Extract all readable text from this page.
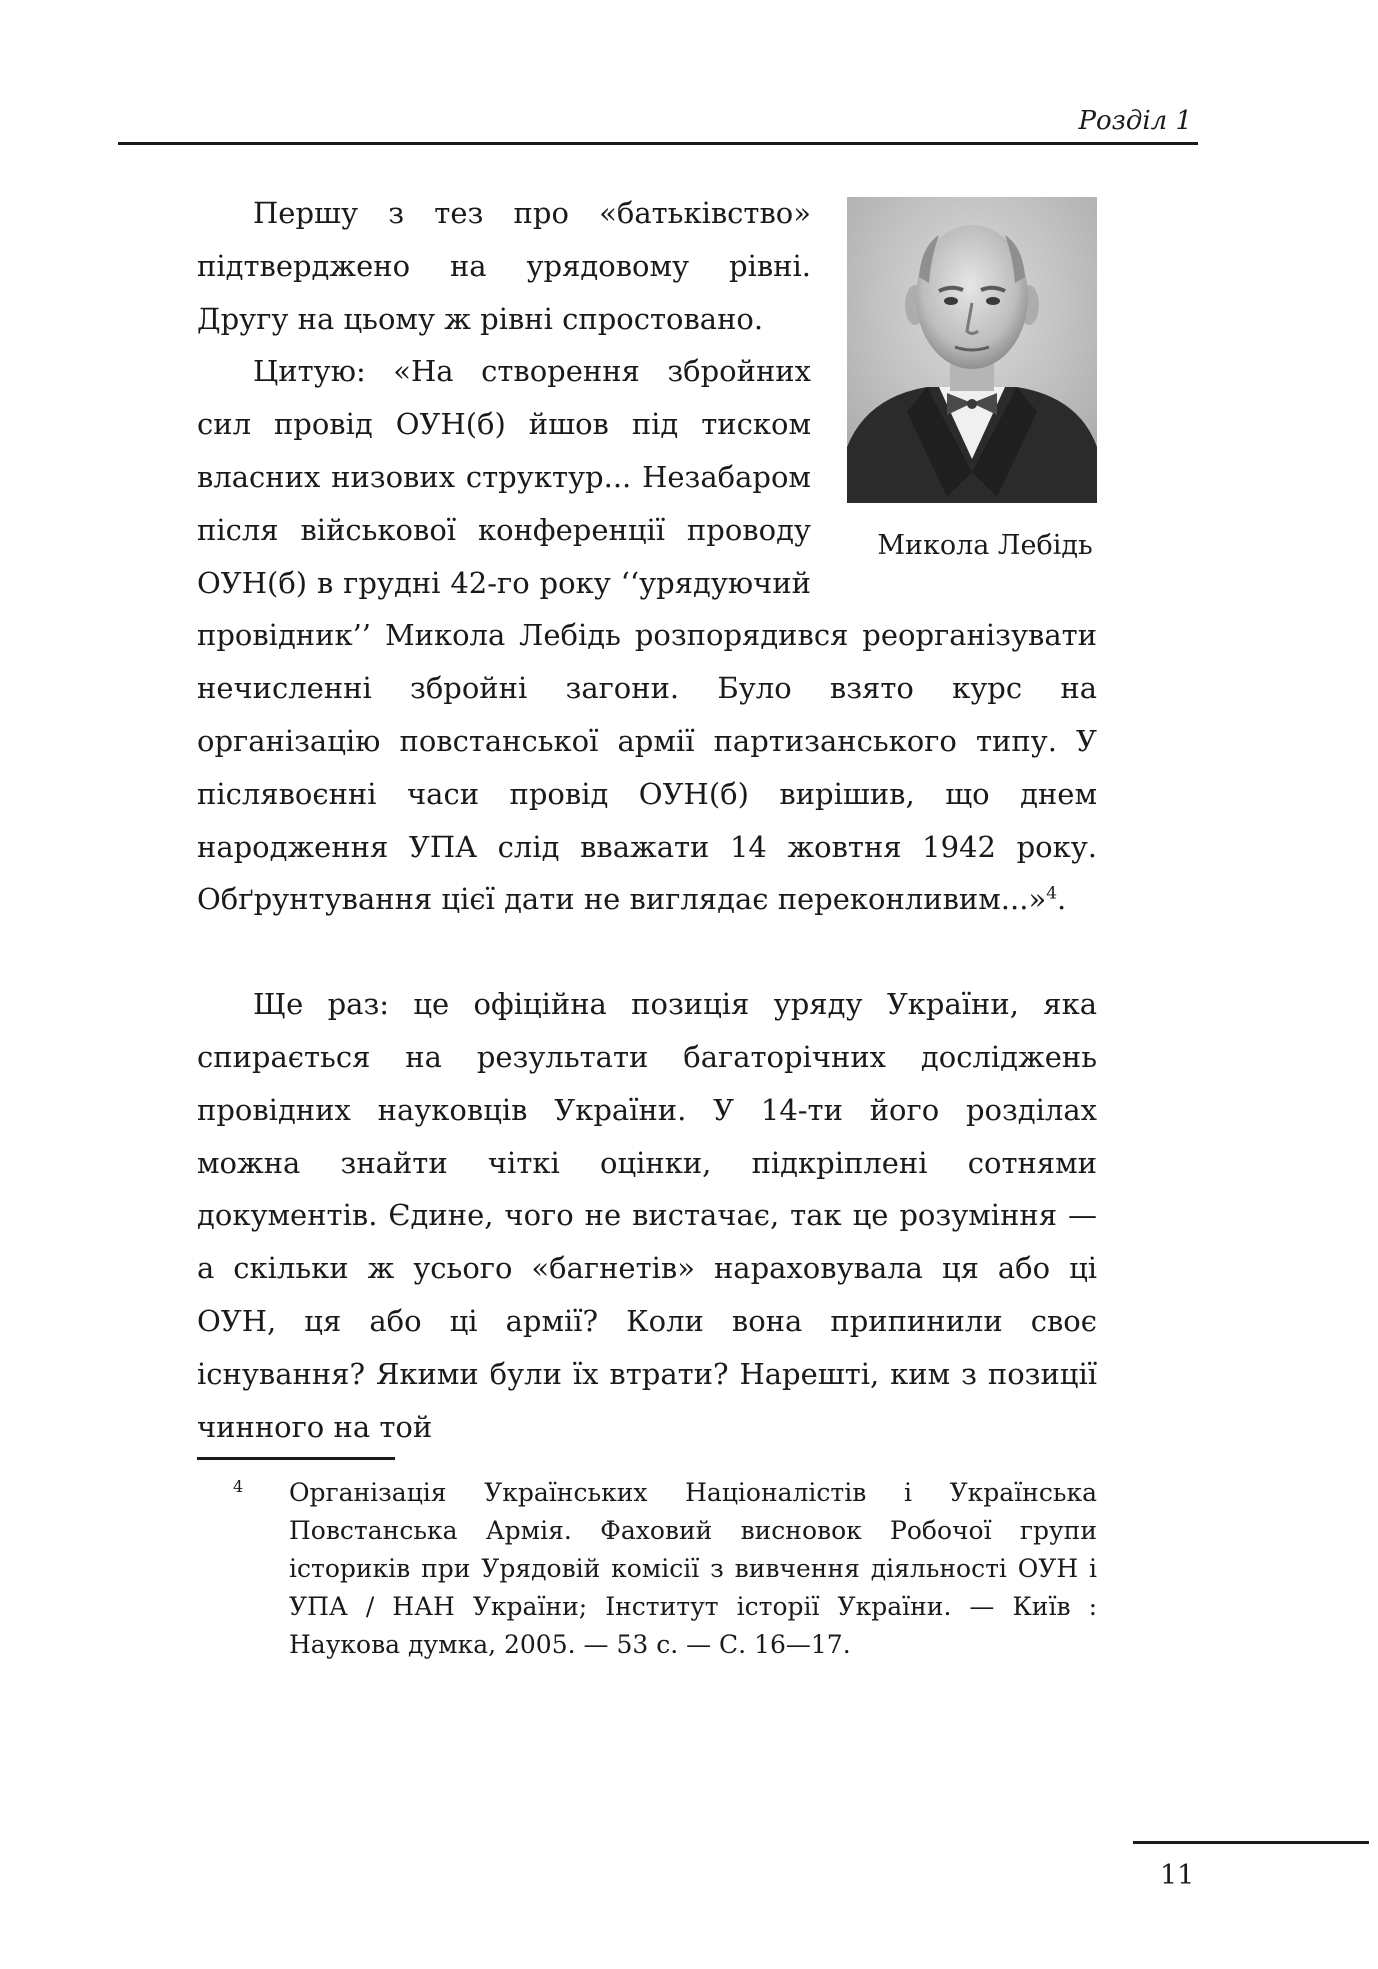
Розділ 1
Микола Лебідь

Першу з тез про «батьківство» підтверджено на урядовому рівні. Другу на цьому ж рівні спростовано.

Цитую: «На створення збройних сил провід ОУН(б) йшов під тиском власних низових структур... Незабаром після військової конференції проводу ОУН(б) в грудні 42-го року ‘‘урядуючий провідник’’ Микола Лебідь розпорядився реорганізувати нечисленні збройні загони. Було взято курс на організацію повстанської армії партизанського типу. У післявоєнні часи провід ОУН(б) вирішив, що днем народження УПА слід вважати 14 жовтня 1942 року. Обґрунтування цієї дати не виглядає переконливим...»$^4$.

Ще раз: це офіційна позиція уряду України, яка спирається на результати багаторічних досліджень провідних науковців України. У 14-ти його розділах можна знайти чіткі оцінки, підкріплені сотнями документів. Єдине, чого не вистачає, так це розуміння — а скільки ж усього «багнетів» нараховувала ця або ці ОУН, ця або ці армії? Коли вона припинили своє існування? Якими були їх втрати? Нарешті, ким з позиції чинного на той

4 Організація Українських Націоналістів і Українська Повстанська Армія. Фаховий висновок Робочої групи істориків при Урядовій комісії з вивчення діяльності ОУН і УПА / НАН України; Інститут історії України. — Київ : Наукова думка, 2005. — 53 с. — С. 16—17.
11
